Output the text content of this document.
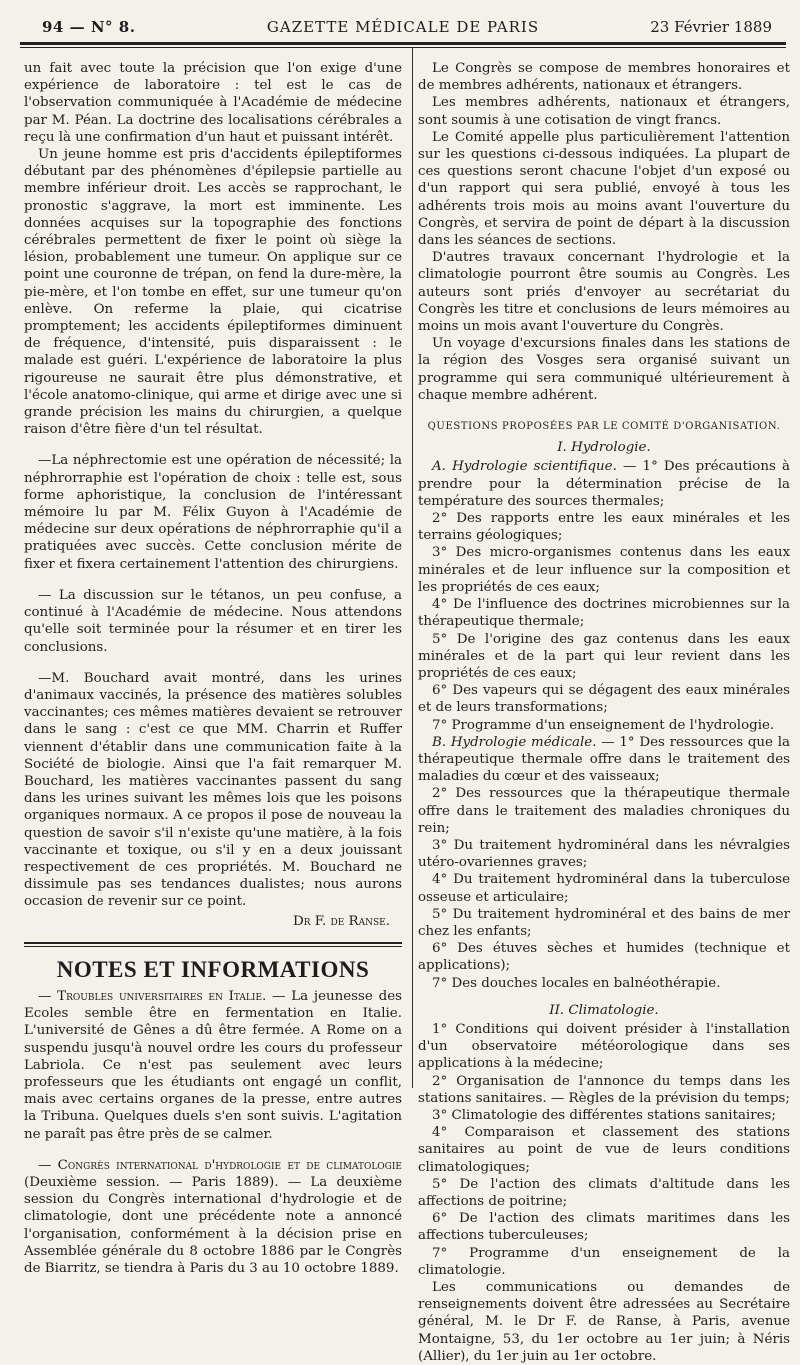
94 — N° 8.	GAZETTE MÉDICALE DE PARIS	23 Février 1889

un fait avec toute la précision que l'on exige d'une expérience de laboratoire : tel est le cas de l'observation communiquée à l'Académie de médecine par M. Péan. La doctrine des localisations cérébrales a reçu là une confirmation d'un haut et puissant intérêt.

Un jeune homme est pris d'accidents épileptiformes débutant par des phénomènes d'épilepsie partielle au membre inférieur droit. Les accès se rapprochant, le pronostic s'aggrave, la mort est imminente. Les données acquises sur la topographie des fonctions cérébrales permettent de fixer le point où siège la lésion, probablement une tumeur. On applique sur ce point une couronne de trépan, on fend la dure-mère, la pie-mère, et l'on tombe en effet, sur une tumeur qu'on enlève. On referme la plaie, qui cicatrise promptement; les accidents épileptiformes diminuent de fréquence, d'intensité, puis disparaissent : le malade est guéri. L'expérience de laboratoire la plus rigoureuse ne saurait être plus démonstrative, et l'école anatomo-clinique, qui arme et dirige avec une si grande précision les mains du chirurgien, a quelque raison d'être fière d'un tel résultat.

—La néphrectomie est une opération de nécessité; la néphrorraphie est l'opération de choix : telle est, sous forme aphoristique, la conclusion de l'intéressant mémoire lu par M. Félix Guyon à l'Académie de médecine sur deux opérations de néphrorraphie qu'il a pratiquées avec succès. Cette conclusion mérite de fixer et fixera certainement l'attention des chirurgiens.

— La discussion sur le tétanos, un peu confuse, a continué à l'Académie de médecine. Nous attendons qu'elle soit terminée pour la résumer et en tirer les conclusions.

—M. Bouchard avait montré, dans les urines d'animaux vaccinés, la présence des matières solubles vaccinantes; ces mêmes matières devaient se retrouver dans le sang : c'est ce que MM. Charrin et Ruffer viennent d'établir dans une communication faite à la Société de biologie. Ainsi que l'a fait remarquer M. Bouchard, les matières vaccinantes passent du sang dans les urines suivant les mêmes lois que les poisons organiques normaux. A ce propos il pose de nouveau la question de savoir s'il n'existe qu'une matière, à la fois vaccinante et toxique, ou s'il y en a deux jouissant respectivement de ces propriétés. M. Bouchard ne dissimule pas ses tendances dualistes; nous aurons occasion de revenir sur ce point.

Dr F. de Ranse.
NOTES ET INFORMATIONS

— Troubles universitaires en Italie. — La jeunesse des Ecoles semble être en fermentation en Italie. L'université de Gênes a dû être fermée. A Rome on a suspendu jusqu'à nouvel ordre les cours du professeur Labriola. Ce n'est pas seulement avec leurs professeurs que les étudiants ont engagé un conflit, mais avec certains organes de la presse, entre autres la Tribuna. Quelques duels s'en sont suivis. L'agitation ne paraît pas être près de se calmer.

— Congrès international d'hydrologie et de climatologie (Deuxième session. — Paris 1889). — La deuxième session du Congrès international d'hydrologie et de climatologie, dont une précédente note a annoncé l'organisation, conformément à la décision prise en Assemblée générale du 8 octobre 1886 par le Congrès de Biarritz, se tiendra à Paris du 3 au 10 octobre 1889.

Le Congrès se compose de membres honoraires et de membres adhérents, nationaux et étrangers.

Les membres adhérents, nationaux et étrangers, sont soumis à une cotisation de vingt francs.

Le Comité appelle plus particulièrement l'attention sur les questions ci-dessous indiquées. La plupart de ces questions seront chacune l'objet d'un exposé ou d'un rapport qui sera publié, envoyé à tous les adhérents trois mois au moins avant l'ouverture du Congrès, et servira de point de départ à la discussion dans les séances de sections.

D'autres travaux concernant l'hydrologie et la climatologie pourront être soumis au Congrès. Les auteurs sont priés d'envoyer au secrétariat du Congrès les titre et conclusions de leurs mémoires au moins un mois avant l'ouverture du Congrès.

Un voyage d'excursions finales dans les stations de la région des Vosges sera organisé suivant un programme qui sera communiqué ultérieurement à chaque membre adhérent.

QUESTIONS PROPOSÉES PAR LE COMITÉ D'ORGANISATION.
I. Hydrologie.

A. Hydrologie scientifique. — 1° Des précautions à prendre pour la détermination précise de la température des sources thermales;

2° Des rapports entre les eaux minérales et les terrains géologiques;

3° Des micro-organismes contenus dans les eaux minérales et de leur influence sur la composition et les propriétés de ces eaux;

4° De l'influence des doctrines microbiennes sur la thérapeutique thermale;

5° De l'origine des gaz contenus dans les eaux minérales et de la part qui leur revient dans les propriétés de ces eaux;

6° Des vapeurs qui se dégagent des eaux minérales et de leurs transformations;

7° Programme d'un enseignement de l'hydrologie.

B. Hydrologie médicale. — 1° Des ressources que la thérapeutique thermale offre dans le traitement des maladies du cœur et des vaisseaux;

2° Des ressources que la thérapeutique thermale offre dans le traitement des maladies chroniques du rein;

3° Du traitement hydrominéral dans les névralgies utéro-ovariennes graves;

4° Du traitement hydrominéral dans la tuberculose osseuse et articulaire;

5° Du traitement hydrominéral et des bains de mer chez les enfants;

6° Des étuves sèches et humides (technique et applications);

7° Des douches locales en balnéothérapie.

II. Climatologie.

1° Conditions qui doivent présider à l'installation d'un observatoire météorologique dans ses applications à la médecine;

2° Organisation de l'annonce du temps dans les stations sanitaires. — Règles de la prévision du temps;

3° Climatologie des différentes stations sanitaires;

4° Comparaison et classement des stations sanitaires au point de vue de leurs conditions climatologiques;

5° De l'action des climats d'altitude dans les affections de poitrine;

6° De l'action des climats maritimes dans les affections tuberculeuses;

7° Programme d'un enseignement de la climatologie.

Les communications ou demandes de renseignements doivent être adressées au Secrétaire général, M. le Dr F. de Ranse, à Paris, avenue Montaigne, 53, du 1er octobre au 1er juin; à Néris (Allier), du 1er juin au 1er octobre.
